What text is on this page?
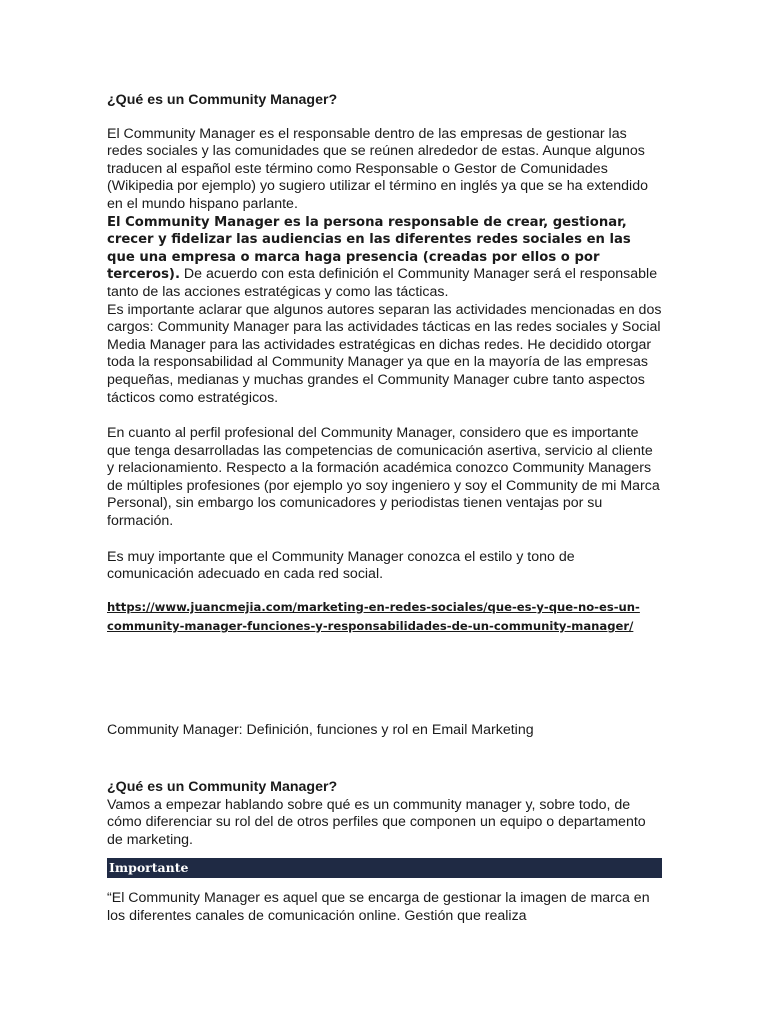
¿Qué es un Community Manager?

El Community Manager es el responsable dentro de las empresas de gestionar las redes sociales y las comunidades que se reúnen alrededor de estas. Aunque algunos traducen al español este término como Responsable o Gestor de Comunidades (Wikipedia por ejemplo) yo sugiero utilizar el término en inglés ya que se ha extendido en el mundo hispano parlante.

El Community Manager es la persona responsable de crear, gestionar, crecer y fidelizar las audiencias en las diferentes redes sociales en las que una empresa o marca haga presencia (creadas por ellos o por terceros). De acuerdo con esta definición el Community Manager será el responsable tanto de las acciones estratégicas y como las tácticas.

Es importante aclarar que algunos autores separan las actividades mencionadas en dos cargos: Community Manager para las actividades tácticas en las redes sociales y Social Media Manager para las actividades estratégicas en dichas redes. He decidido otorgar toda la responsabilidad al Community Manager ya que en la mayoría de las empresas pequeñas, medianas y muchas grandes el Community Manager cubre tanto aspectos tácticos como estratégicos.

En cuanto al perfil profesional del Community Manager, considero que es importante que tenga desarrolladas las competencias de comunicación asertiva, servicio al cliente y relacionamiento. Respecto a la formación académica conozco Community Managers de múltiples profesiones (por ejemplo yo soy ingeniero y soy el Community de mi Marca Personal), sin embargo los comunicadores y periodistas tienen ventajas por su formación.

Es muy importante que el Community Manager conozca el estilo y tono de comunicación adecuado en cada red social.

https://www.juancmejia.com/marketing-en-redes-sociales/que-es-y-que-no-es-un-
community-manager-funciones-y-responsabilidades-de-un-community-manager/

Community Manager: Definición, funciones y rol en Email Marketing

¿Qué es un Community Manager?

Vamos a empezar hablando sobre qué es un community manager y, sobre todo, de cómo diferenciar su rol del de otros perfiles que componen un equipo o departamento de marketing.

Importante

“El Community Manager es aquel que se encarga de gestionar la imagen de marca en los diferentes canales de comunicación online. Gestión que realiza
